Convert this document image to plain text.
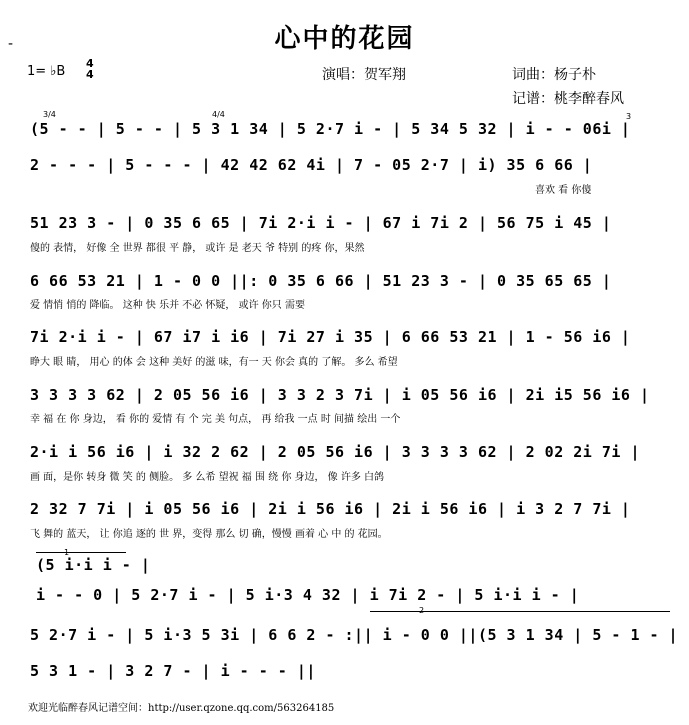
心中的花园
-
1= ♭B
4
4	演唱：贺军翔	词曲：杨子朴
记谱：桃李醉春风
3/4	4/4	3
2
1
(5 - - | 5 - - | 5 3 1 34 | 5 2·7 i - | 5 34 5 32 | i - - 06i |
2 - - - | 5 - - - | 42 42 62 4i | 7 - 05 2·7 | i) 35 6 66 |
喜欢 看 你傻
51 23 3 - | 0 35 6 65 | 7i 2·i i - | 67 i 7i 2 | 56 75 i 45 |
傻的 表情， 好像 全 世界 都很 平 静， 或许 是 老天 爷 特别 的疼 你，果然
6 66 53 21 | 1 - 0 0 ||: 0 35 6 66 | 51 23 3 - | 0 35 65 65 |
爱 情悄 悄的 降临。 这种 快 乐并 不必 怀疑， 或许 你只 需要
7i 2·i i - | 67 i7 i i6 | 7i 27 i 35 | 6 66 53 21 | 1 - 56 i6 |
睁大 眼 睛， 用心 的体 会 这种 美好 的滋 味，有一 天 你会 真的 了解。 多么 希望
3 3 3 3 62 | 2 05 56 i6 | 3 3 2 3 7i | i 05 56 i6 | 2i i5 56 i6 |
幸 福 在 你 身边， 看 你的 爱情 有 个 完 美 句点， 再 给我 一点 时 间描 绘出 一个
2·i i 56 i6 | i 32 2 62 | 2 05 56 i6 | 3 3 3 3 62 | 2 02 2i 7i |
画 面，是你 转身 微 笑 的 侧脸。 多 么希 望祝 福 围 绕 你 身边， 像 许多 白鸽
2 32 7 7i | i 05 56 i6 | 2i i 56 i6 | 2i i 56 i6 | i 3 2 7 7i |
飞 舞的 蓝天， 让 你追 逐的 世 界，变得 那么 切 确，慢慢 画着 心 中 的 花园。
(5 i·i i - |
i - - 0 | 5 2·7 i - | 5 i·3 4 32 | i 7i 2 - | 5 i·i i - |
5 2·7 i - | 5 i·3 5 3i | 6 6 2 - :|| i - 0 0 ||(5 3 1 34 | 5 - 1 - |
5 3 1 - | 3 2 7 - | i - - - ||
欢迎光临醉春风记谱空间：http://user.qzone.qq.com/563264185
